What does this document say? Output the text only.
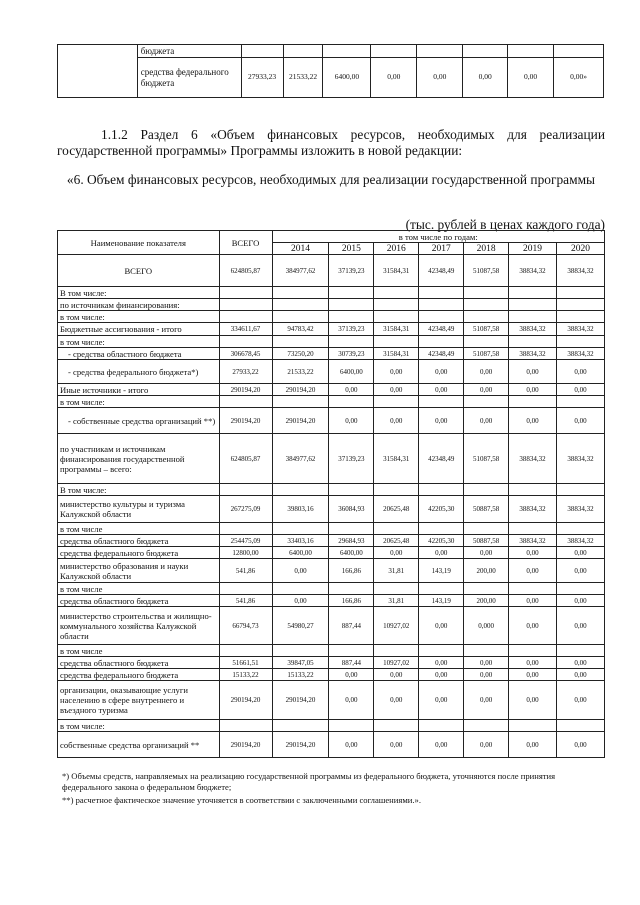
	бюджета								
	средства федерального бюджета	27933,23	21533,22	6400,00	0,00	0,00	0,00	0,00	0,00»
1.1.2 Раздел 6 «Объем финансовых ресурсов, необходимых для реализации государственной программы» Программы изложить в новой редакции:
«6. Объем финансовых ресурсов, необходимых для реализации государственной программы
(тыс. рублей в ценах каждого года)
Наименование показателя	ВСЕГО	в том числе по годам:						
		2014	2015	2016	2017	2018	2019	2020
ВСЕГО	624805,87	384977,62	37139,23	31584,31	42348,49	51087,58	38834,32	38834,32
В том числе:								
по источникам финансирования:								
в том числе:								
Бюджетные ассигнования - итого	334611,67	94783,42	37139,23	31584,31	42348,49	51087,58	38834,32	38834,32
в том числе:								
- средства областного бюджета	306678,45	73250,20	30739,23	31584,31	42348,49	51087,58	38834,32	38834,32
- средства федерального бюджета*)	27933,22	21533,22	6400,00	0,00	0,00	0,00	0,00	0,00
Иные источники - итого	290194,20	290194,20	0,00	0,00	0,00	0,00	0,00	0,00
в том числе:								
- собственные средства организаций **)	290194,20	290194,20	0,00	0,00	0,00	0,00	0,00	0,00
по участникам и источникам финансирования государственной программы – всего:	624805,87	384977,62	37139,23	31584,31	42348,49	51087,58	38834,32	38834,32
В том числе:								
министерство культуры и туризма Калужской области	267275,09	39803,16	36084,93	20625,48	42205,30	50887,58	38834,32	38834,32
в том числе								
средства областного бюджета	254475,09	33403,16	29684,93	20625,48	42205,30	50887,58	38834,32	38834,32
средства федерального бюджета	12800,00	6400,00	6400,00	0,00	0,00	0,00	0,00	0,00
министерство образования и науки Калужской области	541,86	0,00	166,86	31,81	143,19	200,00	0,00	0,00
в том числе								
средства областного бюджета	541,86	0,00	166,86	31,81	143,19	200,00	0,00	0,00
министерство строительства и жилищно-коммунального хозяйства Калужской области	66794,73	54980,27	887,44	10927,02	0,00	0,000	0,00	0,00
в том числе								
средства областного бюджета	51661,51	39847,05	887,44	10927,02	0,00	0,00	0,00	0,00
средства федерального бюджета	15133,22	15133,22	0,00	0,00	0,00	0,00	0,00	0,00
организации, оказывающие услуги населению в сфере внутреннего и въездного туризма	290194,20	290194,20	0,00	0,00	0,00	0,00	0,00	0,00
в том числе:								
собственные средства организаций **	290194,20	290194,20	0,00	0,00	0,00	0,00	0,00	0,00
*) Объемы средств, направляемых на реализацию государственной программы из федерального бюджета, уточняются после принятия федерального закона о федеральном бюджете;
**) расчетное фактическое значение уточняется в соответствии с заключенными соглашениями.».
